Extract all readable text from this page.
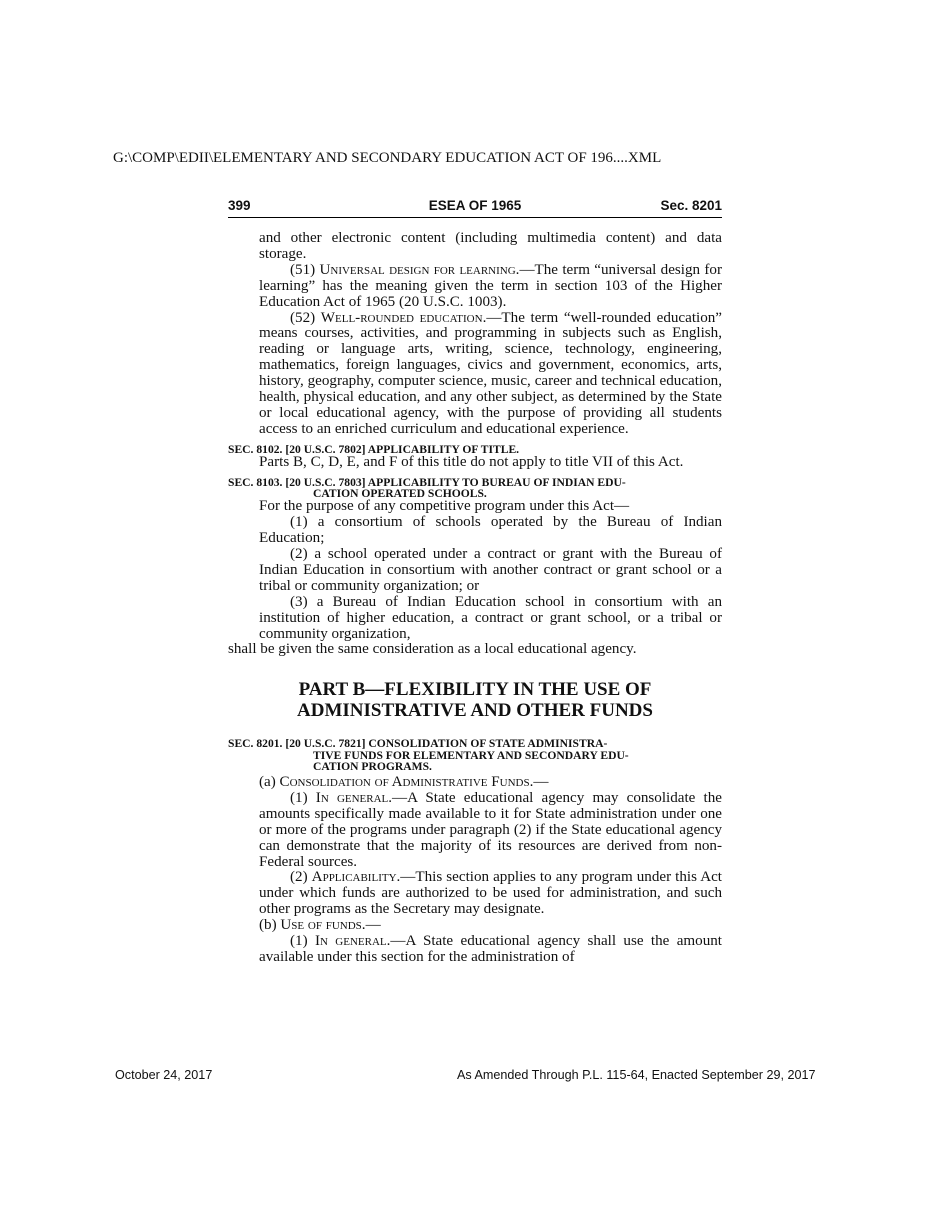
G:\COMP\EDII\ELEMENTARY AND SECONDARY EDUCATION ACT OF 196....XML
399	ESEA OF 1965	Sec. 8201

and other electronic content (including multimedia content) and data storage.

(51) Universal design for learning.—The term “universal design for learning” has the meaning given the term in section 103 of the Higher Education Act of 1965 (20 U.S.C. 1003).

(52) Well-rounded education.—The term “well-rounded education” means courses, activities, and programming in subjects such as English, reading or language arts, writing, science, technology, engineering, mathematics, foreign languages, civics and government, economics, arts, history, geography, computer science, music, career and technical education, health, physical education, and any other subject, as determined by the State or local educational agency, with the purpose of providing all students access to an enriched curriculum and educational experience.

SEC. 8102. [20 U.S.C. 7802] APPLICABILITY OF TITLE.

Parts B, C, D, E, and F of this title do not apply to title VII of this Act.

SEC. 8103. [20 U.S.C. 7803] APPLICABILITY TO BUREAU OF INDIAN EDU-
CATION OPERATED SCHOOLS.

For the purpose of any competitive program under this Act—

(1) a consortium of schools operated by the Bureau of Indian Education;

(2) a school operated under a contract or grant with the Bureau of Indian Education in consortium with another contract or grant school or a tribal or community organization; or

(3) a Bureau of Indian Education school in consortium with an institution of higher education, a contract or grant school, or a tribal or community organization,

shall be given the same consideration as a local educational agency.

PART B—FLEXIBILITY IN THE USE OF
ADMINISTRATIVE AND OTHER FUNDS
SEC. 8201. [20 U.S.C. 7821] CONSOLIDATION OF STATE ADMINISTRA-
TIVE FUNDS FOR ELEMENTARY AND SECONDARY EDU-
CATION PROGRAMS.

(a) Consolidation of Administrative Funds.—

(1) In general.—A State educational agency may consolidate the amounts specifically made available to it for State administration under one or more of the programs under paragraph (2) if the State educational agency can demonstrate that the majority of its resources are derived from non-Federal sources.

(2) Applicability.—This section applies to any program under this Act under which funds are authorized to be used for administration, and such other programs as the Secretary may designate.

(b) Use of funds.—

(1) In general.—A State educational agency shall use the amount available under this section for the administration of

October 24, 2017	As Amended Through P.L. 115-64, Enacted September 29, 2017
